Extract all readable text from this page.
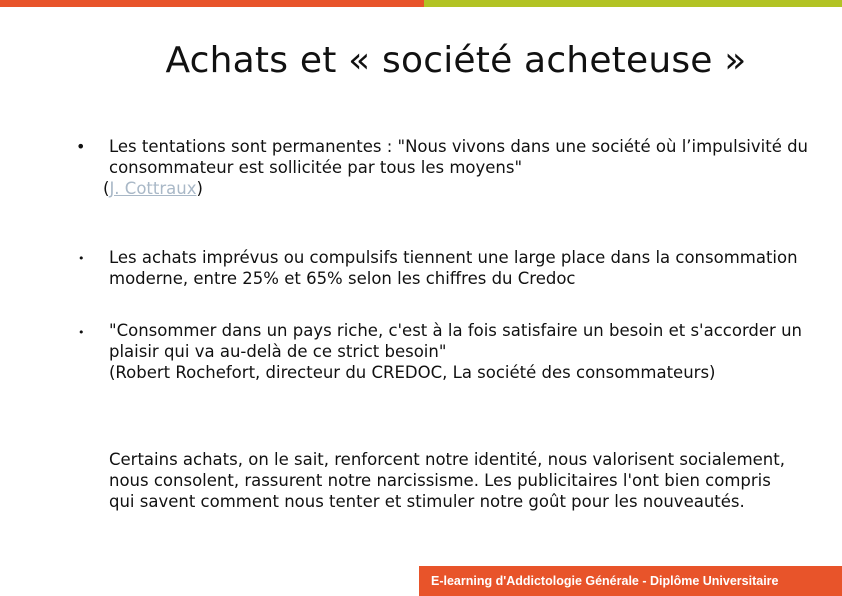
Achats et « société acheteuse »
• Les tentations sont permanentes : "Nous vivons dans une société où l’impulsivité du consommateur est sollicitée par tous les moyens"
(J. Cottraux)
• Les achats imprévus ou compulsifs tiennent une large place dans la consommation moderne, entre 25% et 65% selon les chiffres du Credoc
• "Consommer dans un pays riche, c'est à la fois satisfaire un besoin et s'accorder un plaisir qui va au-delà de ce strict besoin"
(Robert Rochefort, directeur du CREDOC, La société des consommateurs)
Certains achats, on le sait, renforcent notre identité, nous valorisent socialement, nous consolent, rassurent notre narcissisme. Les publicitaires l'ont bien compris qui savent comment nous tenter et stimuler notre goût pour les nouveautés.
E-learning d'Addictologie Générale - Diplôme Universitaire
